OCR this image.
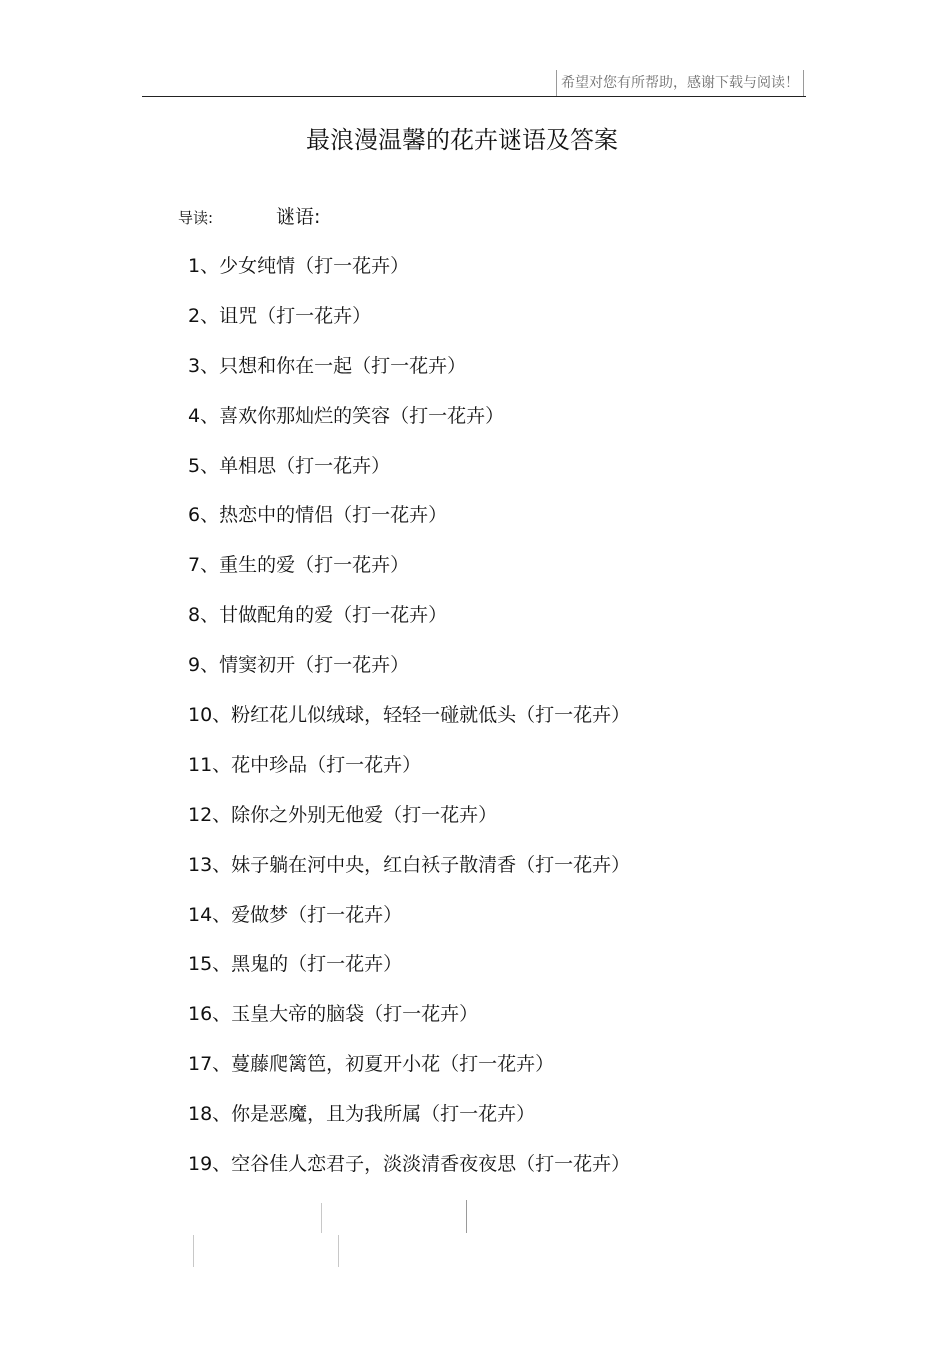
希望对您有所帮助，感谢下载与阅读！
最浪漫温馨的花卉谜语及答案
导读:	谜语:
1、少女纯情（打一花卉）
2、诅咒（打一花卉）
3、只想和你在一起（打一花卉）
4、喜欢你那灿烂的笑容（打一花卉）
5、单相思（打一花卉）
6、热恋中的情侣（打一花卉）
7、重生的爱（打一花卉）
8、甘做配角的爱（打一花卉）
9、情窦初开（打一花卉）
10、粉红花儿似绒球，轻轻一碰就低头（打一花卉）
11、花中珍品（打一花卉）
12、除你之外别无他爱（打一花卉）
13、妹子躺在河中央，红白袄子散清香（打一花卉）
14、爱做梦（打一花卉）
15、黑鬼的（打一花卉）
16、玉皇大帝的脑袋（打一花卉）
17、蔓藤爬篱笆，初夏开小花（打一花卉）
18、你是恶魔，且为我所属（打一花卉）
19、空谷佳人恋君子，淡淡清香夜夜思（打一花卉）
